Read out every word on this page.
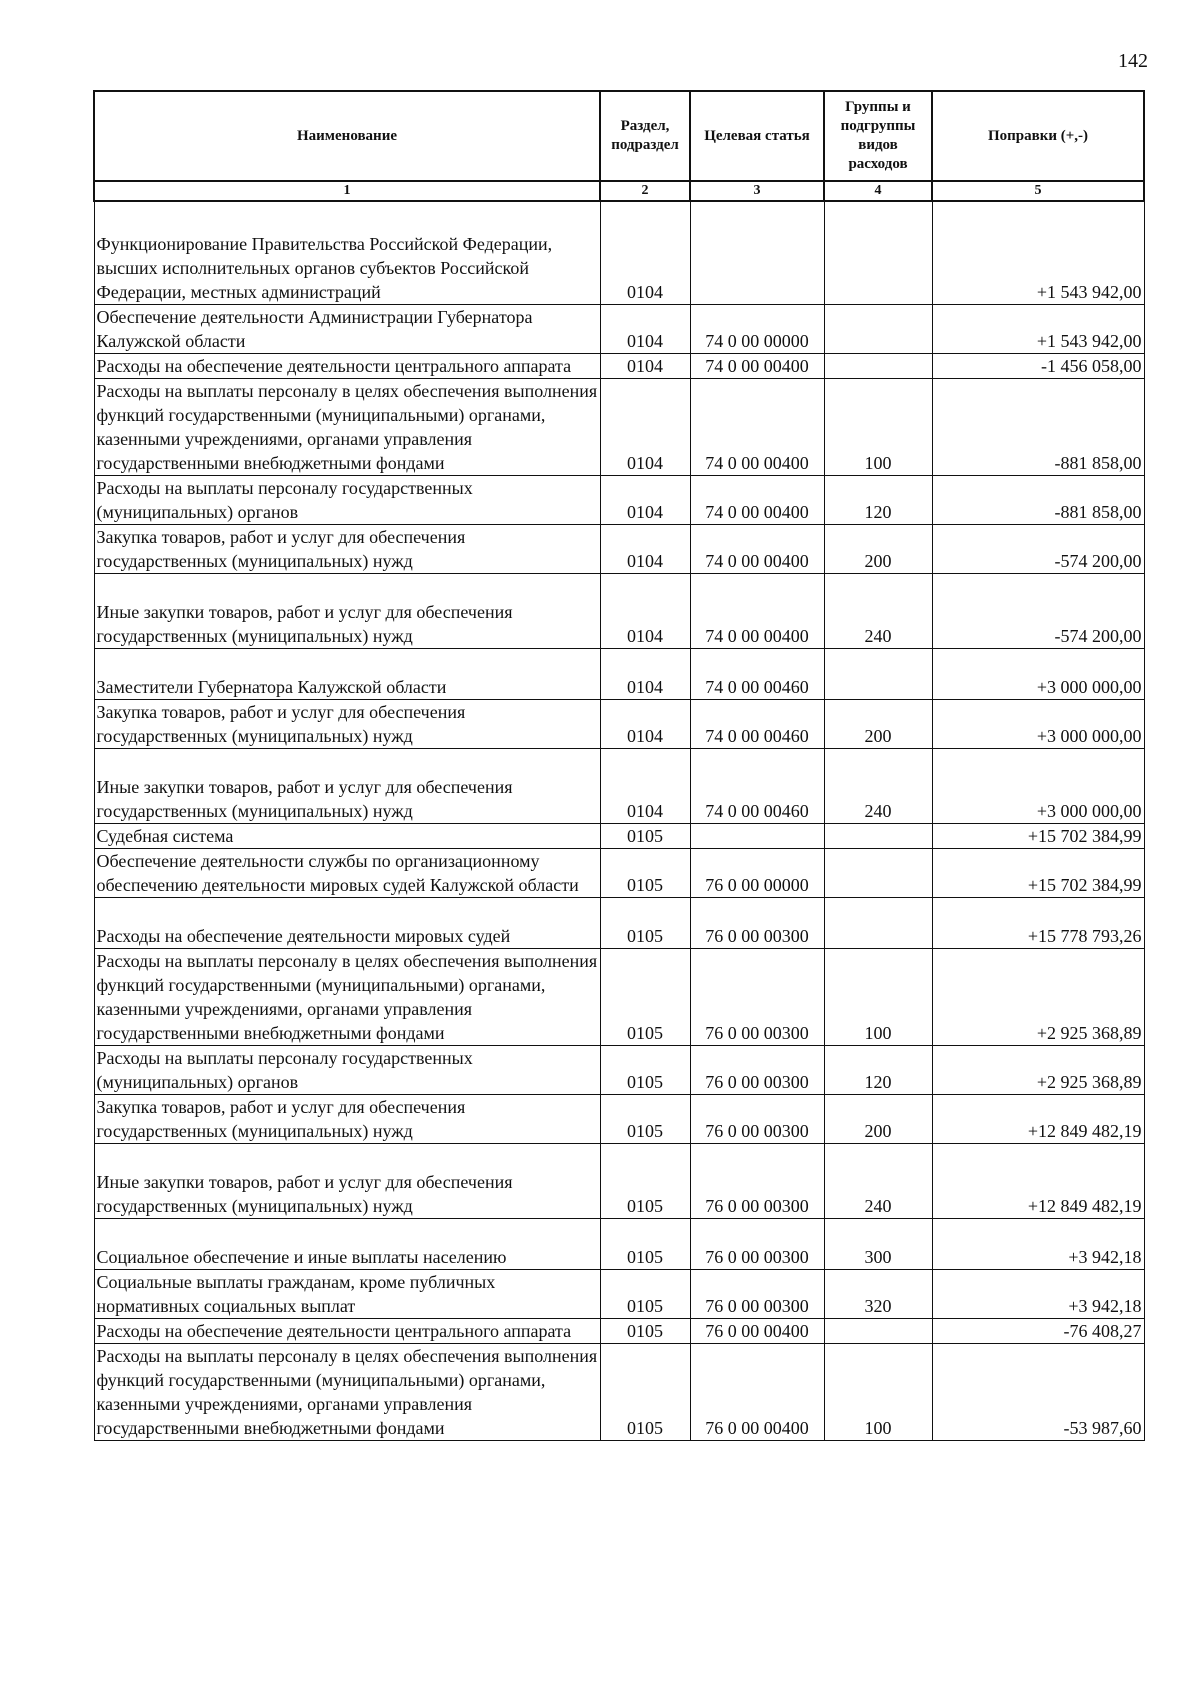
142
Наименование	Раздел, подраздел	Целевая статья	Группы и подгруппы видов расходов	Поправки (+,-)
1	2	3	4	5
Функционирование Правительства Российской Федерации, высших исполнительных органов субъектов Российской Федерации, местных администраций	0104			+1 543 942,00
Обеспечение деятельности Администрации Губернатора Калужской области	0104	74 0 00 00000		+1 543 942,00
Расходы на обеспечение деятельности центрального аппарата	0104	74 0 00 00400		-1 456 058,00
Расходы на выплаты персоналу в целях обеспечения выполнения функций государственными (муниципальными) органами, казенными учреждениями, органами управления государственными внебюджетными фондами	0104	74 0 00 00400	100	-881 858,00
Расходы на выплаты персоналу государственных (муниципальных) органов	0104	74 0 00 00400	120	-881 858,00
Закупка товаров, работ и услуг для обеспечения государственных (муниципальных) нужд	0104	74 0 00 00400	200	-574 200,00
Иные закупки товаров, работ и услуг для обеспечения государственных (муниципальных) нужд	0104	74 0 00 00400	240	-574 200,00
Заместители Губернатора Калужской области	0104	74 0 00 00460		+3 000 000,00
Закупка товаров, работ и услуг для обеспечения государственных (муниципальных) нужд	0104	74 0 00 00460	200	+3 000 000,00
Иные закупки товаров, работ и услуг для обеспечения государственных (муниципальных) нужд	0104	74 0 00 00460	240	+3 000 000,00
Судебная система	0105			+15 702 384,99
Обеспечение деятельности службы по организационному обеспечению деятельности мировых судей Калужской области	0105	76 0 00 00000		+15 702 384,99
Расходы на обеспечение деятельности мировых судей	0105	76 0 00 00300		+15 778 793,26
Расходы на выплаты персоналу в целях обеспечения выполнения функций государственными (муниципальными) органами, казенными учреждениями, органами управления государственными внебюджетными фондами	0105	76 0 00 00300	100	+2 925 368,89
Расходы на выплаты персоналу государственных (муниципальных) органов	0105	76 0 00 00300	120	+2 925 368,89
Закупка товаров, работ и услуг для обеспечения государственных (муниципальных) нужд	0105	76 0 00 00300	200	+12 849 482,19
Иные закупки товаров, работ и услуг для обеспечения государственных (муниципальных) нужд	0105	76 0 00 00300	240	+12 849 482,19
Социальное обеспечение и иные выплаты населению	0105	76 0 00 00300	300	+3 942,18
Социальные выплаты гражданам, кроме публичных нормативных социальных выплат	0105	76 0 00 00300	320	+3 942,18
Расходы на обеспечение деятельности центрального аппарата	0105	76 0 00 00400		-76 408,27
Расходы на выплаты персоналу в целях обеспечения выполнения функций государственными (муниципальными) органами, казенными учреждениями, органами управления государственными внебюджетными фондами	0105	76 0 00 00400	100	-53 987,60
